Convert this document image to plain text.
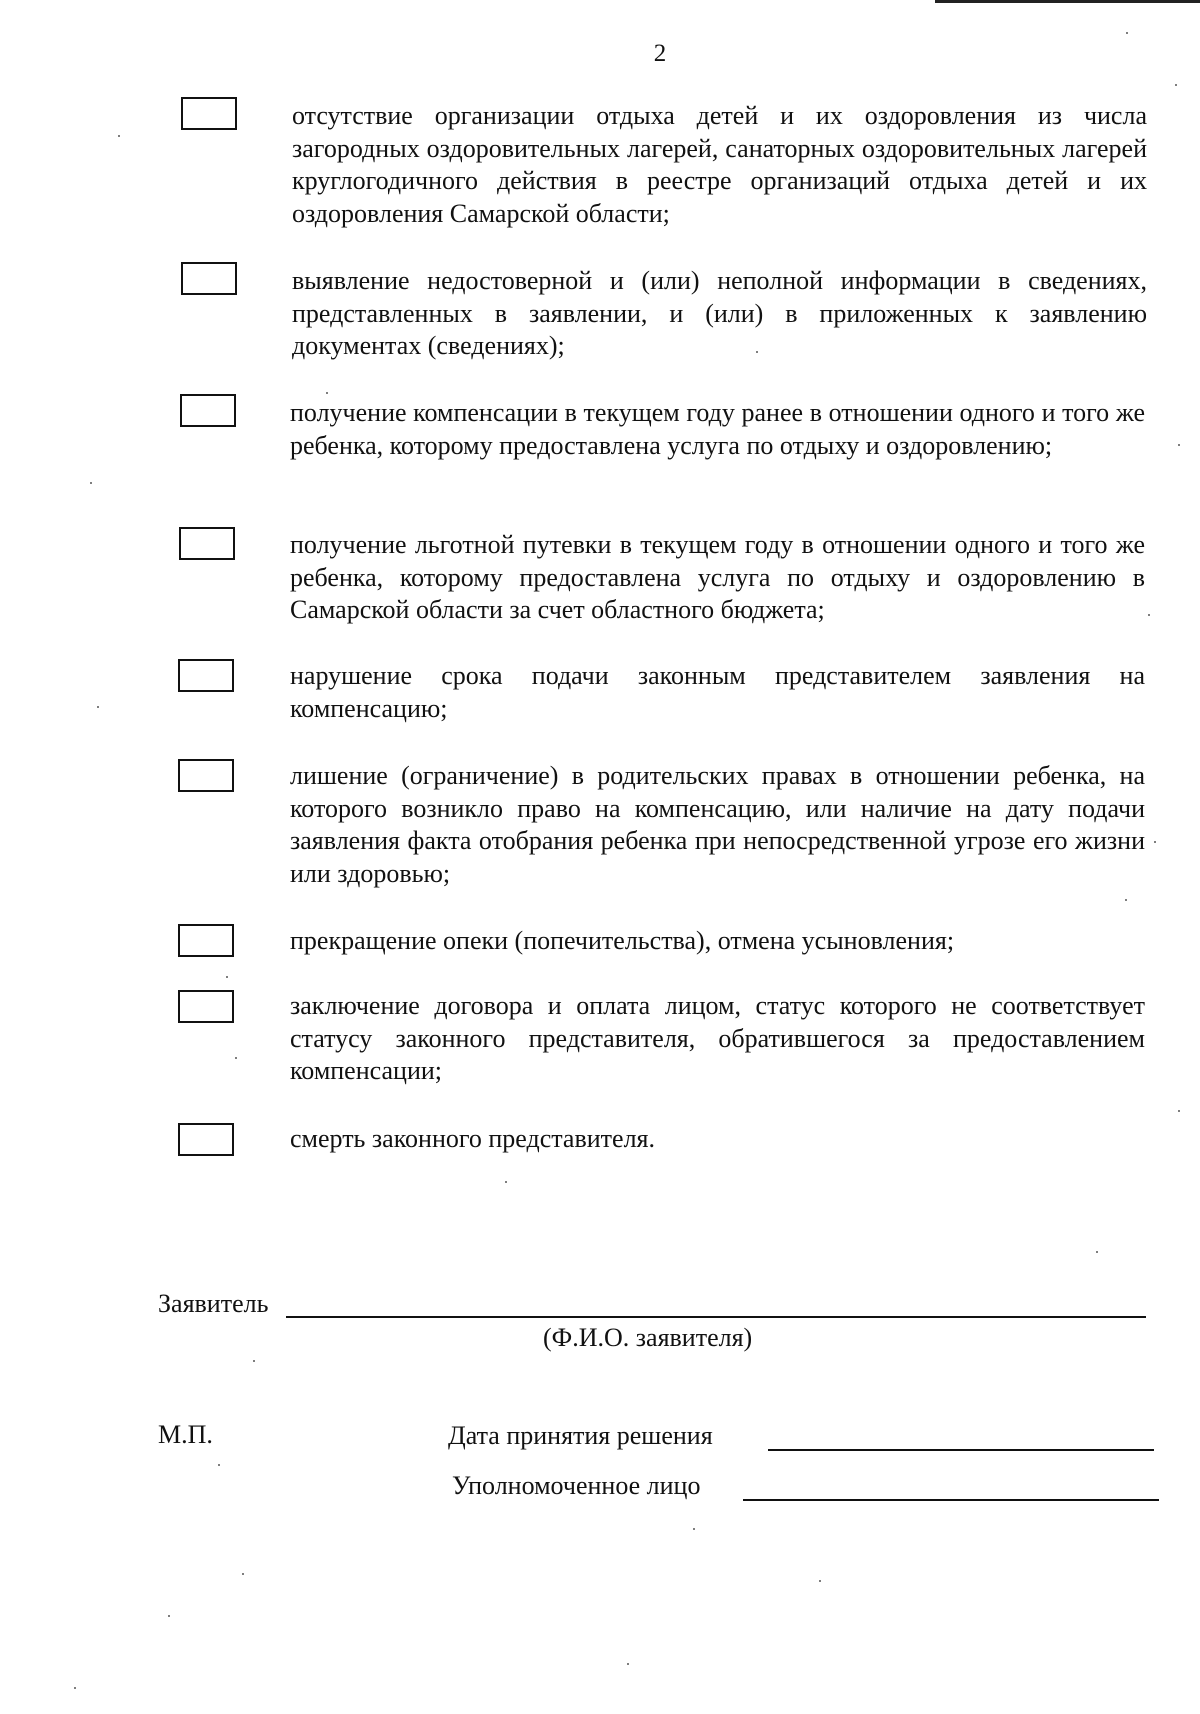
2
отсутствие организации отдыха детей и их оздоровления из числа загородных оздоровительных лагерей, санаторных оздоровительных лагерей круглогодичного действия в реестре организаций отдыха детей и их оздоровления Самарской области;
выявление недостоверной и (или) неполной информации в сведениях, представленных в заявлении, и (или) в приложенных к заявлению документах (сведениях);
получение компенсации в текущем году ранее в отношении одного и того же ребенка, которому предоставлена услуга по отдыху и оздоровлению;
получение льготной путевки в текущем году в отношении одного и того же ребенка, которому предоставлена услуга по отдыху и оздоровлению в Самарской области за счет областного бюджета;
нарушение срока подачи законным представителем заявления на компенсацию;
лишение (ограничение) в родительских правах в отношении ребенка, на которого возникло право на компенсацию, или наличие на дату подачи заявления факта отобрания ребенка при непосредственной угрозе его жизни или здоровью;
прекращение опеки (попечительства), отмена усыновления;
заключение договора и оплата лицом, статус которого не соответствует статусу законного представителя, обратившегося за предоставлением компенсации;
смерть законного представителя.
Заявитель
(Ф.И.О. заявителя)
М.П.	Дата принятия решения
Уполномоченное лицо
